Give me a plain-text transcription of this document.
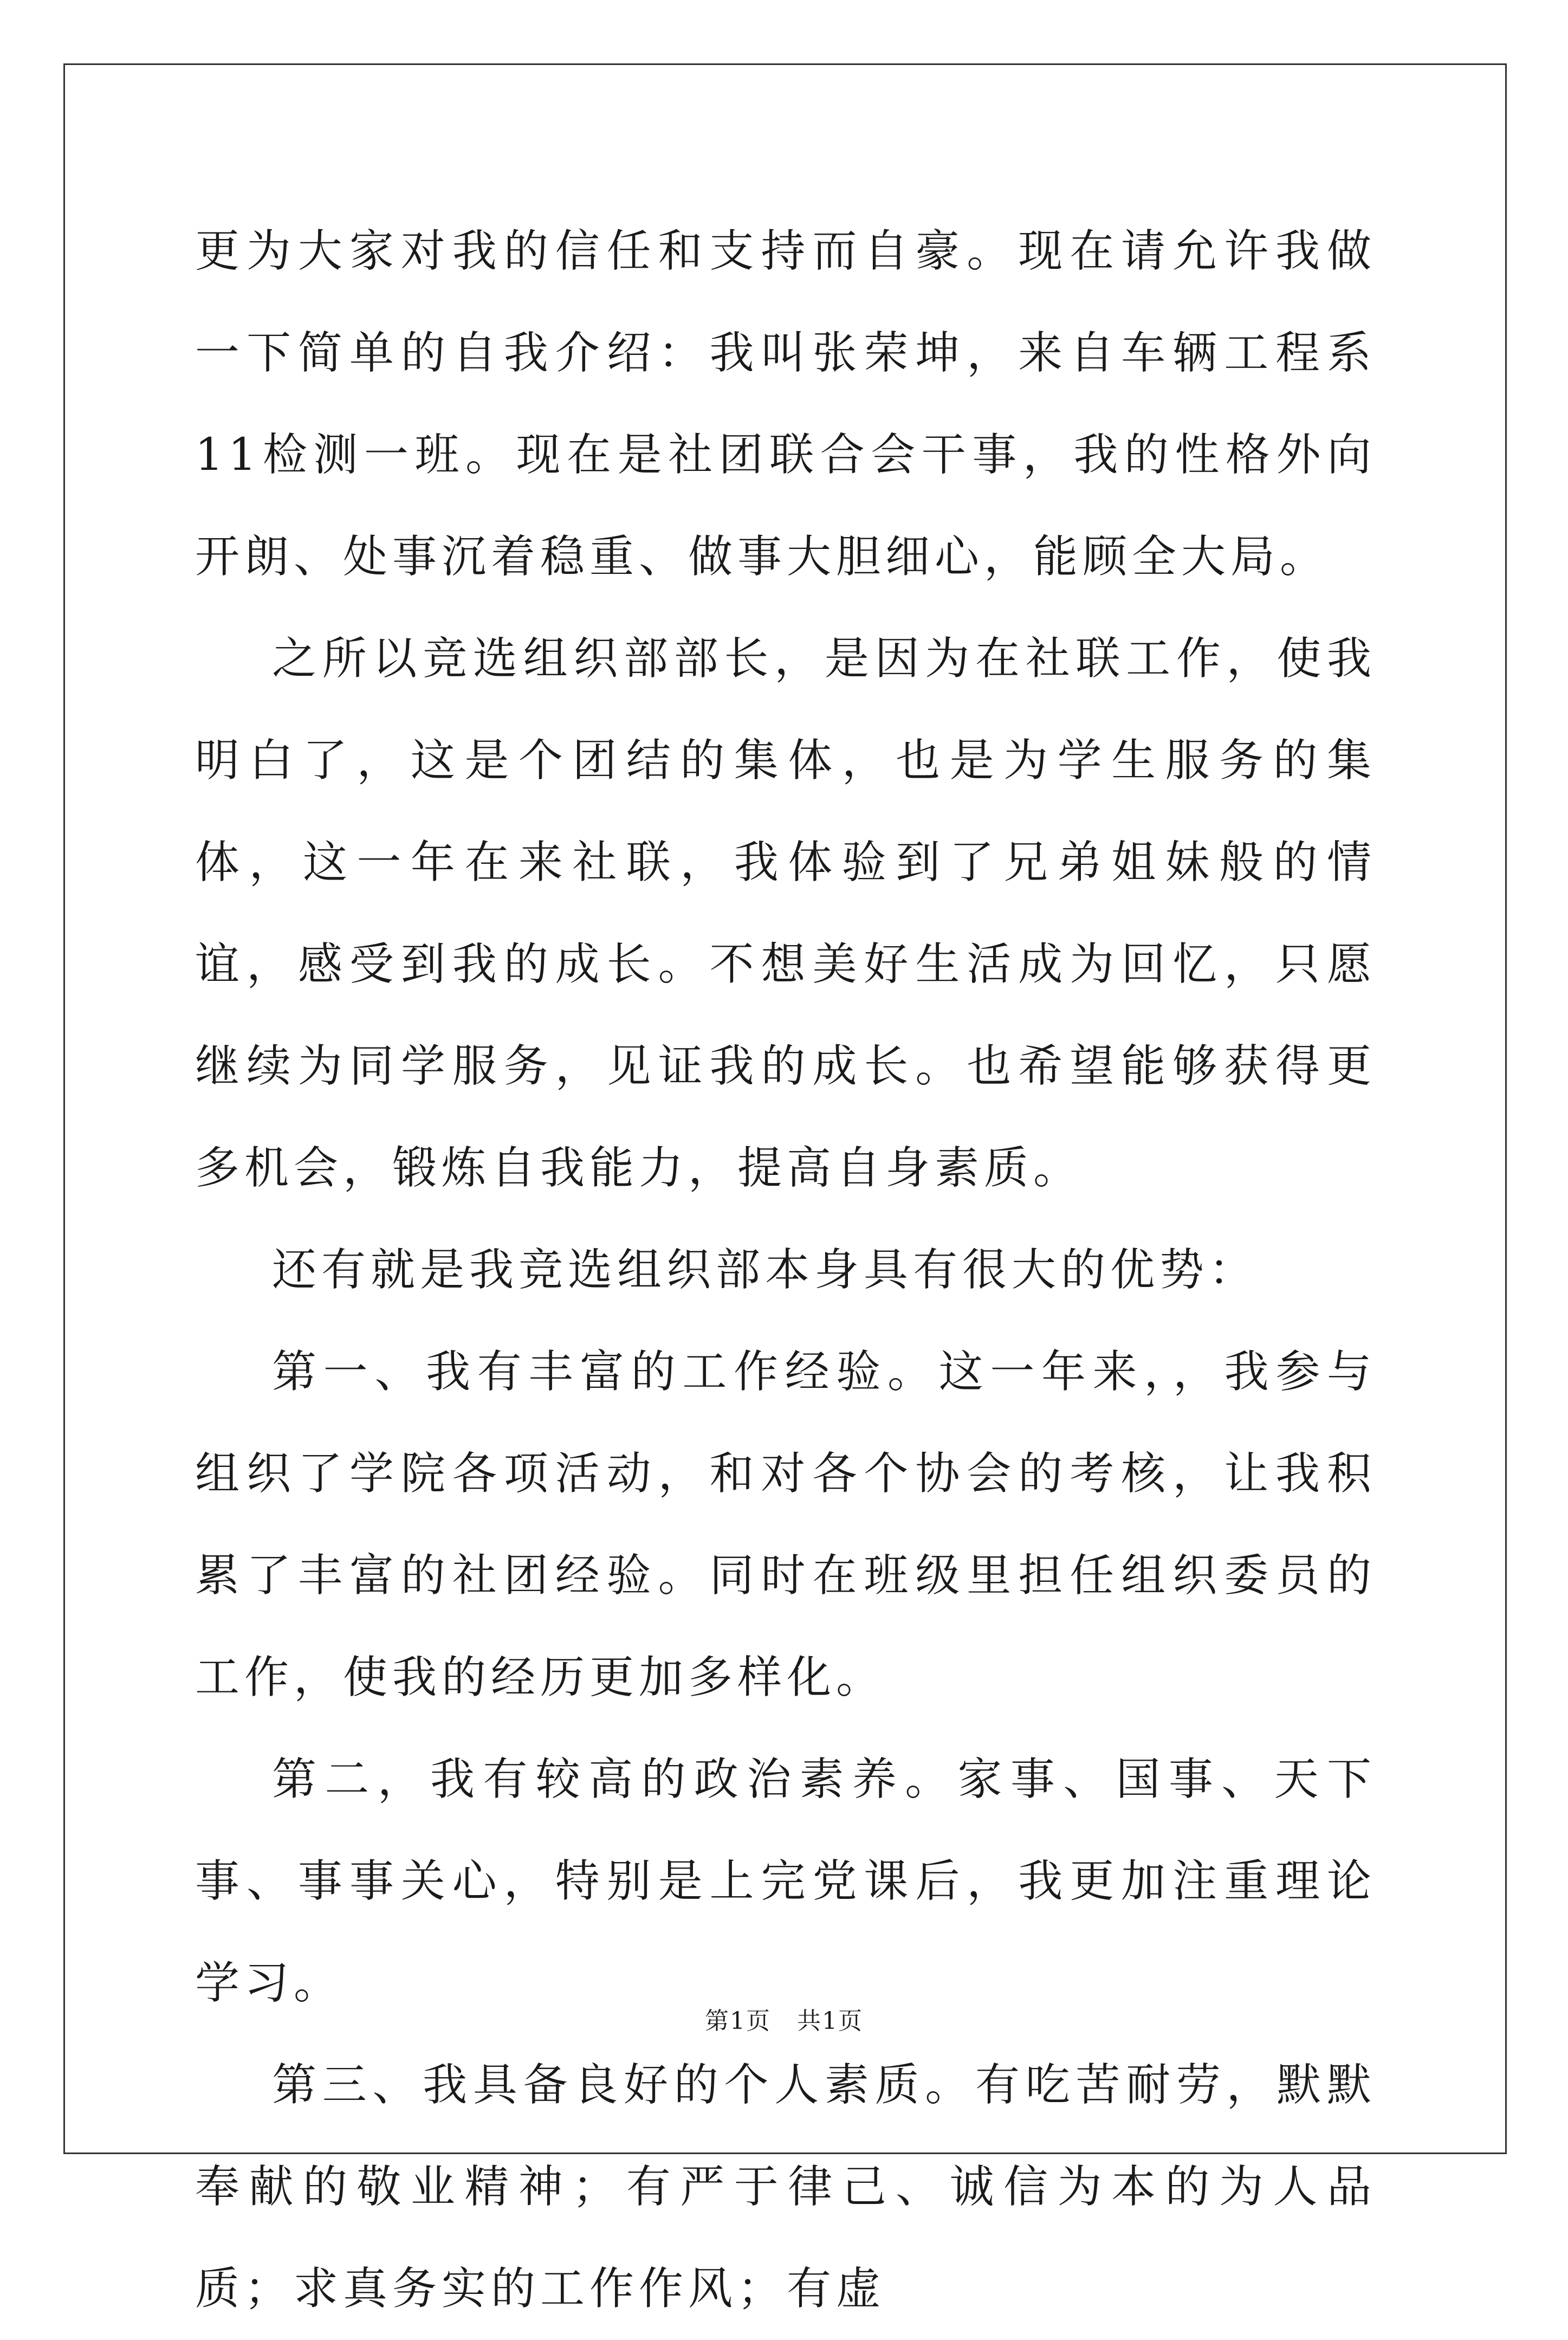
更为大家对我的信任和支持而自豪。现在请允许我做一下简单的自我介绍：我叫张荣坤，来自车辆工程系11检测一班。现在是社团联合会干事，我的性格外向开朗、处事沉着稳重、做事大胆细心，能顾全大局。

之所以竞选组织部部长，是因为在社联工作，使我明白了，这是个团结的集体，也是为学生服务的集体，这一年在来社联，我体验到了兄弟姐妹般的情谊，感受到我的成长。不想美好生活成为回忆，只愿继续为同学服务，见证我的成长。也希望能够获得更多机会，锻炼自我能力，提高自身素质。

还有就是我竞选组织部本身具有很大的优势：

第一、我有丰富的工作经验。这一年来，，我参与组织了学院各项活动，和对各个协会的考核，让我积累了丰富的社团经验。同时在班级里担任组织委员的工作，使我的经历更加多样化。

第二，我有较高的政治素养。家事、国事、天下事、事事关心，特别是上完党课后，我更加注重理论学习。

第三、我具备良好的个人素质。有吃苦耐劳，默默奉献的敬业精神；有严于律己、诚信为本的为人品质；求真务实的工作作风；有虚

第1页 共1页
